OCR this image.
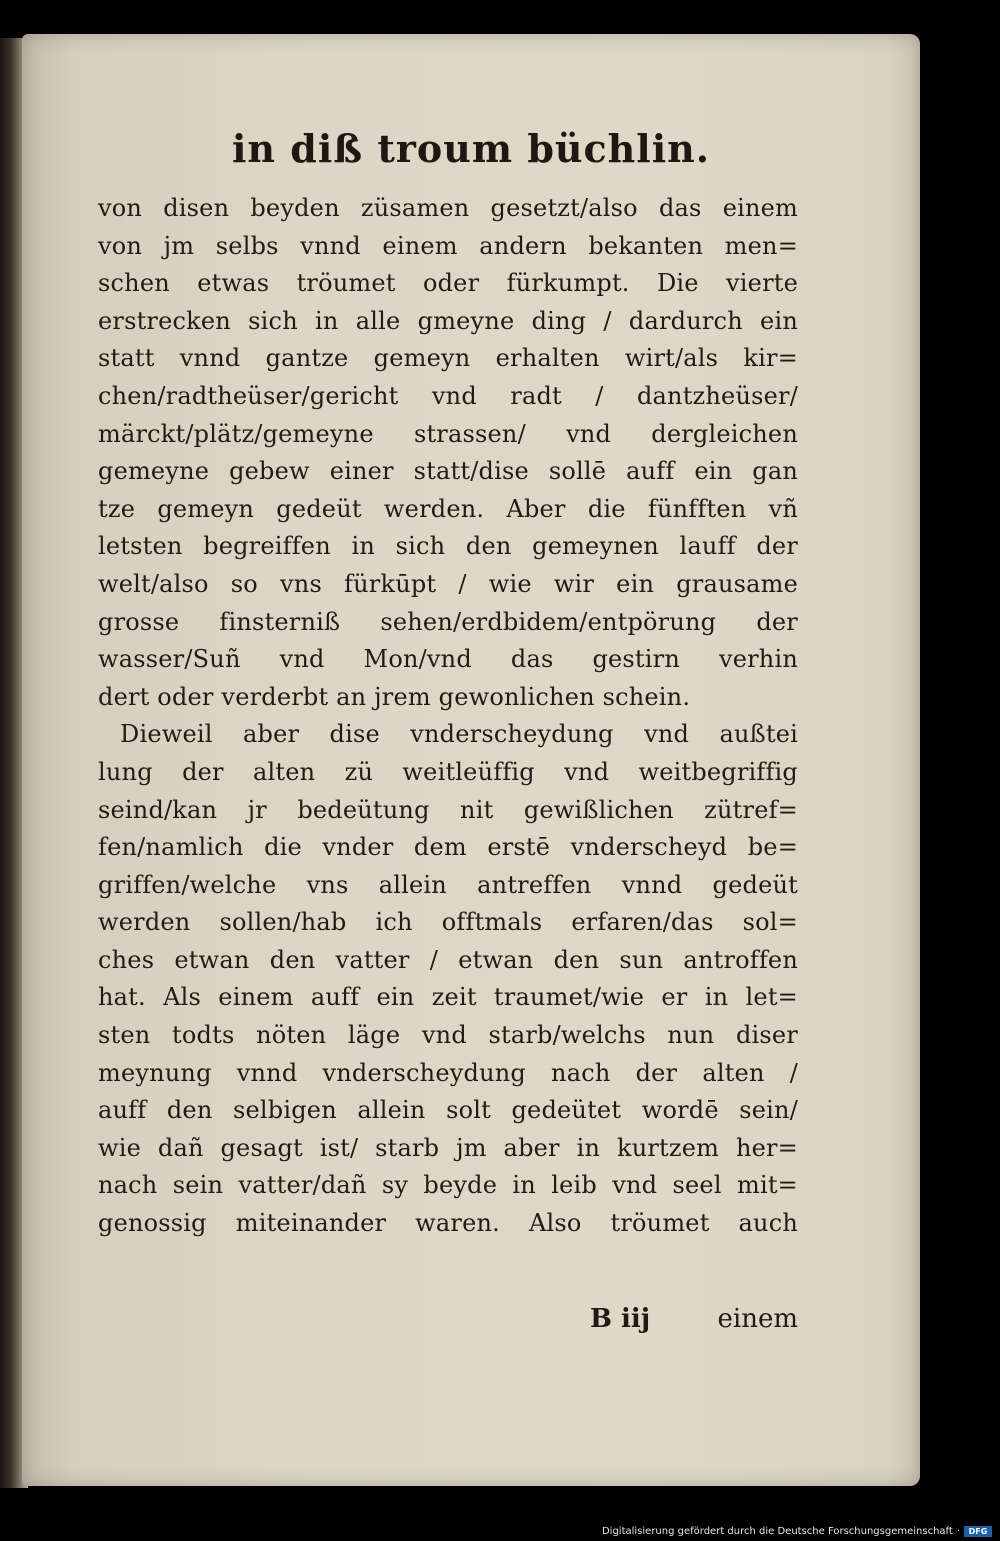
in diß troum büchlin.
von disen beyden züsamen gesetzt/also das einem
von jm selbs vnnd einem andern bekanten men=
schen etwas tröumet oder fürkumpt. Die vierte
erstrecken sich in alle gmeyne ding / dardurch ein
statt vnnd gantze gemeyn erhalten wirt/als kir=
chen/radtheüser/gericht vnd radt / dantzheüser/
märckt/plätz/gemeyne strassen/ vnd dergleichen
gemeyne gebew einer statt/dise sollē auff ein gan
tze gemeyn gedeüt werden. Aber die fünfften vñ
letsten begreiffen in sich den gemeynen lauff der
welt/also so vns fürkūpt / wie wir ein grausame
grosse finsterniß sehen/erdbidem/entpörung der
wasser/Suñ vnd Mon/vnd das gestirn verhin
dert oder verderbt an jrem gewonlichen schein.
Dieweil aber dise vnderscheydung vnd außtei
lung der alten zü weitleüffig vnd weitbegriffig
seind/kan jr bedeütung nit gewißlichen zütref=
fen/namlich die vnder dem erstē vnderscheyd be=
griffen/welche vns allein antreffen vnnd gedeüt
werden sollen/hab ich offtmals erfaren/das sol=
ches etwan den vatter / etwan den sun antroffen
hat. Als einem auff ein zeit traumet/wie er in let=
sten todts nöten läge vnd starb/welchs nun diser
meynung vnnd vnderscheydung nach der alten /
auff den selbigen allein solt gedeütet wordē sein/
wie dañ gesagt ist/ starb jm aber in kurtzem her=
nach sein vatter/dañ sy beyde in leib vnd seel mit=
genossig miteinander waren. Also tröumet auch
B iij	einem
Digitalisierung gefördert durch die Deutsche Forschungsgemeinschaft ·	DFG
